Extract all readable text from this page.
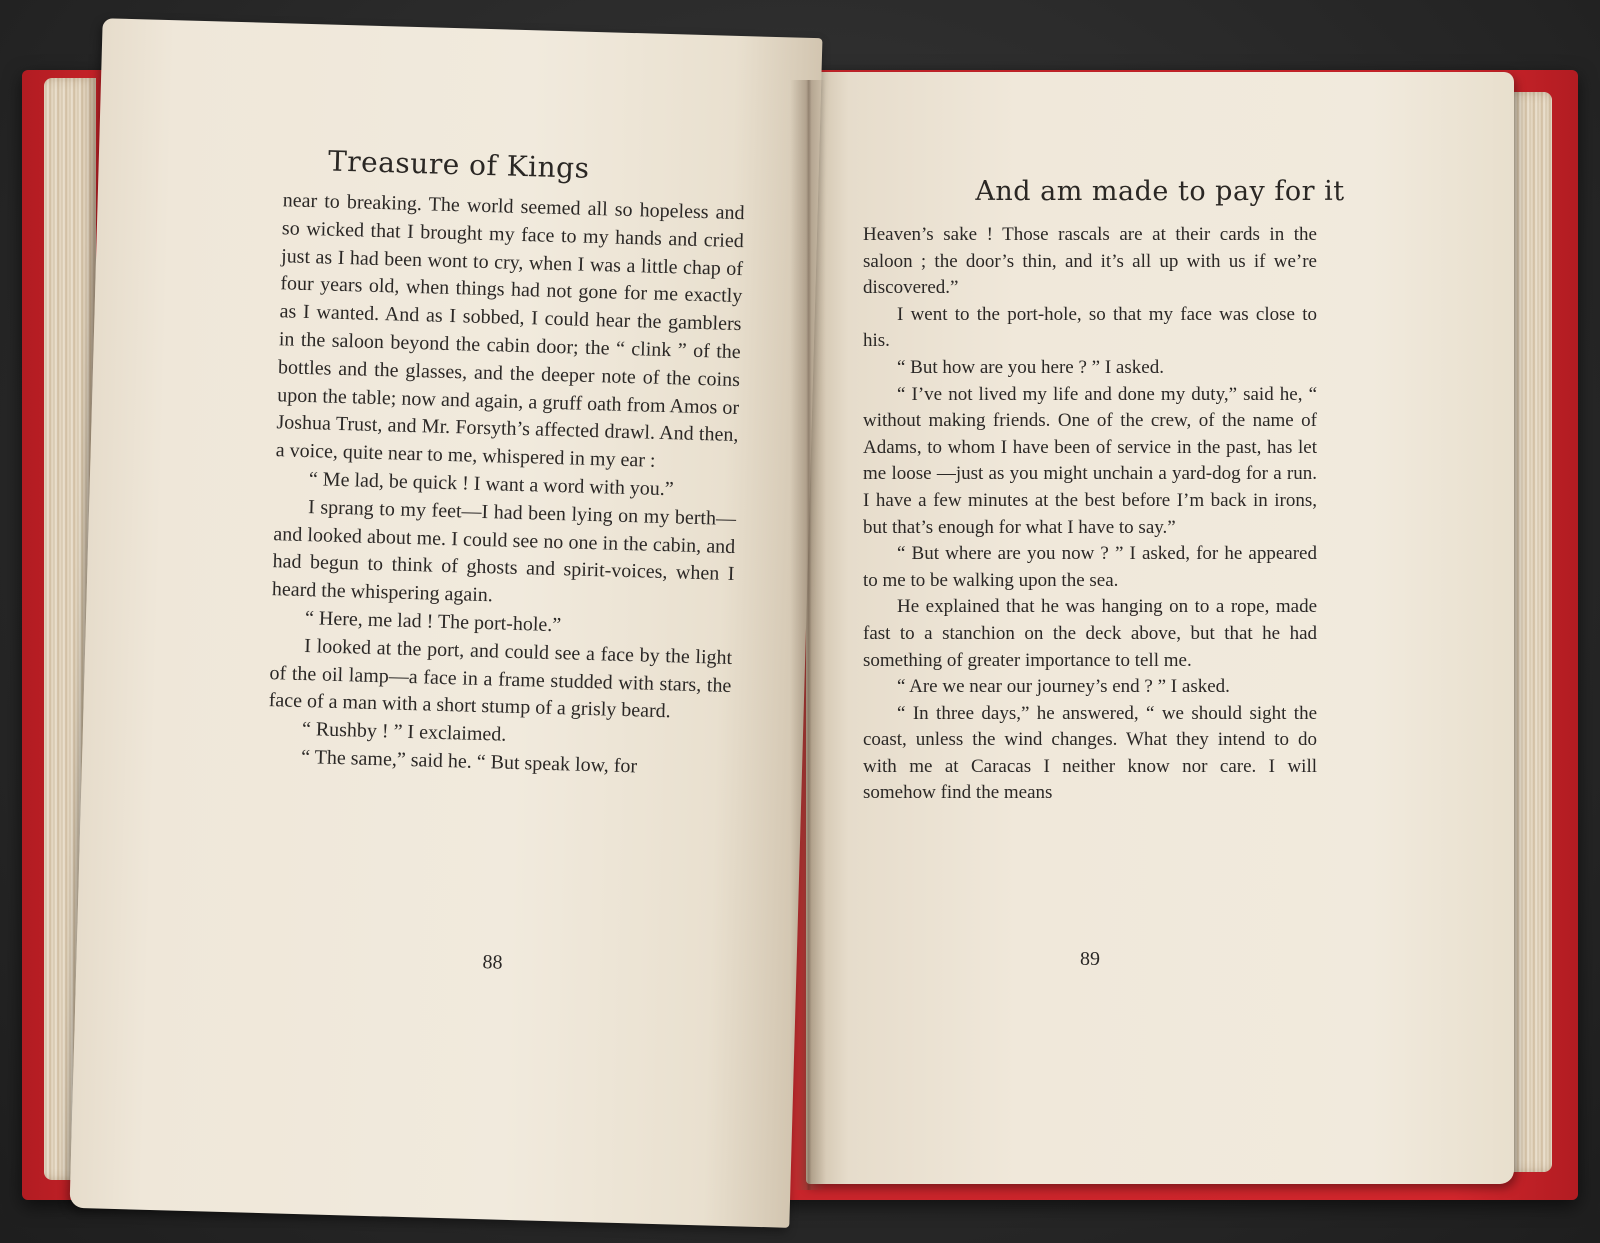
And am made to pay for it

Heaven’s sake ! Those rascals are at their cards in the saloon ; the door’s thin, and it’s all up with us if we’re discovered.”

I went to the port-hole, so that my face was close to his.

“ But how are you here ? ” I asked.

“ I’ve not lived my life and done my duty,” said he, “ without making friends. One of the crew, of the name of Adams, to whom I have been of service in the past, has let me loose —just as you might unchain a yard-dog for a run. I have a few minutes at the best before I’m back in irons, but that’s enough for what I have to say.”

“ But where are you now ? ” I asked, for he appeared to me to be walking upon the sea.

He explained that he was hanging on to a rope, made fast to a stanchion on the deck above, but that he had something of greater importance to tell me.

“ Are we near our journey’s end ? ” I asked.

“ In three days,” he answered, “ we should sight the coast, unless the wind changes. What they intend to do with me at Caracas I neither know nor care. I will somehow find the means

89
Treasure of Kings

near to breaking. The world seemed all so hopeless and so wicked that I brought my face to my hands and cried just as I had been wont to cry, when I was a little chap of four years old, when things had not gone for me exactly as I wanted. And as I sobbed, I could hear the gamblers in the saloon beyond the cabin door; the “ clink ” of the bottles and the glasses, and the deeper note of the coins upon the table; now and again, a gruff oath from Amos or Joshua Trust, and Mr. Forsyth’s affected drawl. And then, a voice, quite near to me, whispered in my ear :

“ Me lad, be quick ! I want a word with you.”

I sprang to my feet—I had been lying on my berth—and looked about me. I could see no one in the cabin, and had begun to think of ghosts and spirit-voices, when I heard the whispering again.

“ Here, me lad ! The port-hole.”

I looked at the port, and could see a face by the light of the oil lamp—a face in a frame studded with stars, the face of a man with a short stump of a grisly beard.

“ Rushby ! ” I exclaimed.

“ The same,” said he. “ But speak low, for

88
